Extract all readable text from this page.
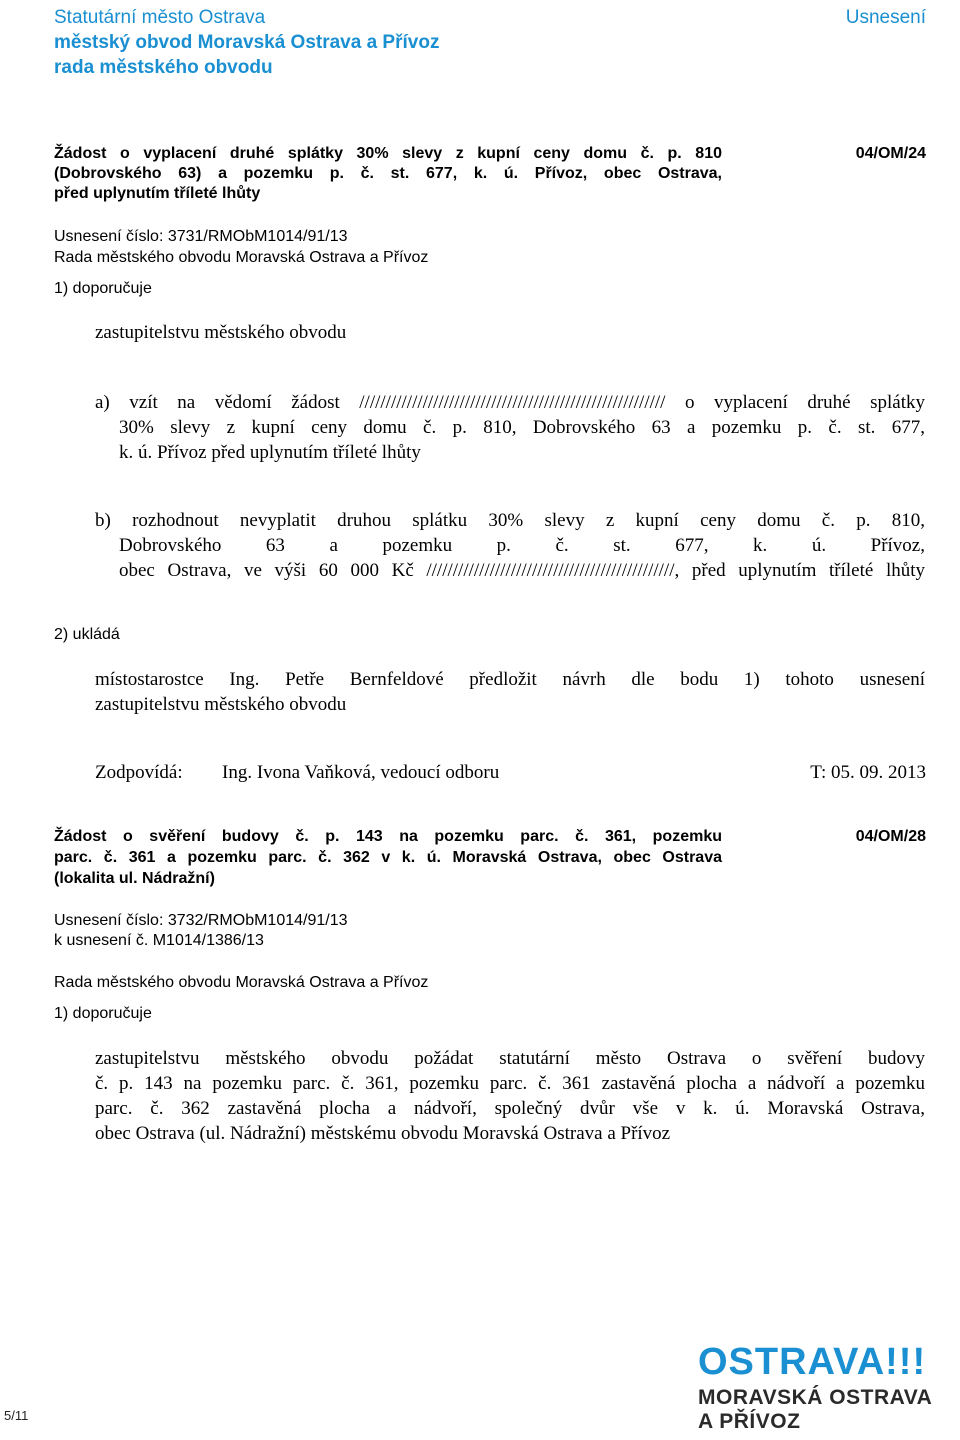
Statutární město Ostrava
městský obvod Moravská Ostrava a Přívoz
rada městského obvodu
Usnesení
Žádost o vyplacení druhé splátky 30% slevy z kupní ceny domu č. p. 810
(Dobrovského 63) a pozemku p. č. st. 677, k. ú. Přívoz, obec Ostrava,
před uplynutím tříleté lhůty
04/OM/24
Usnesení číslo: 3731/RMObM1014/91/13
Rada městského obvodu Moravská Ostrava a Přívoz
1) doporučuje
zastupitelstvu městského obvodu
a) vzít na vědomí žádost ////////////////////////////////////////////////////////// o vyplacení druhé splátky
30% slevy z kupní ceny domu č. p. 810, Dobrovského 63 a pozemku p. č. st. 677,
k. ú. Přívoz před uplynutím tříleté lhůty
b) rozhodnout nevyplatit druhou splátku 30% slevy z kupní ceny domu č. p. 810,
Dobrovského 63 a pozemku p. č. st. 677, k. ú. Přívoz,
obec Ostrava, ve výši 60 000 Kč ///////////////////////////////////////////////, před uplynutím tříleté lhůty
2) ukládá
místostarostce Ing. Petře Bernfeldové předložit návrh dle bodu 1) tohoto usnesení
zastupitelstvu městského obvodu
Zodpovídá: Ing. Ivona Vaňková, vedoucí odboru	T: 05. 09. 2013
Žádost o svěření budovy č. p. 143 na pozemku parc. č. 361, pozemku
parc. č. 361 a pozemku parc. č. 362 v k. ú. Moravská Ostrava, obec Ostrava
(lokalita ul. Nádražní)
04/OM/28
Usnesení číslo: 3732/RMObM1014/91/13
k usnesení č. M1014/1386/13
Rada městského obvodu Moravská Ostrava a Přívoz
1) doporučuje
zastupitelstvu městského obvodu požádat statutární město Ostrava o svěření budovy
č. p. 143 na pozemku parc. č. 361, pozemku parc. č. 361 zastavěná plocha a nádvoří a pozemku
parc. č. 362 zastavěná plocha a nádvoří, společný dvůr vše v k. ú. Moravská Ostrava,
obec Ostrava (ul. Nádražní) městskému obvodu Moravská Ostrava a Přívoz
5/11
OSTRAVA!!!
MORAVSKÁ OSTRAVA
A PŘÍVOZ
